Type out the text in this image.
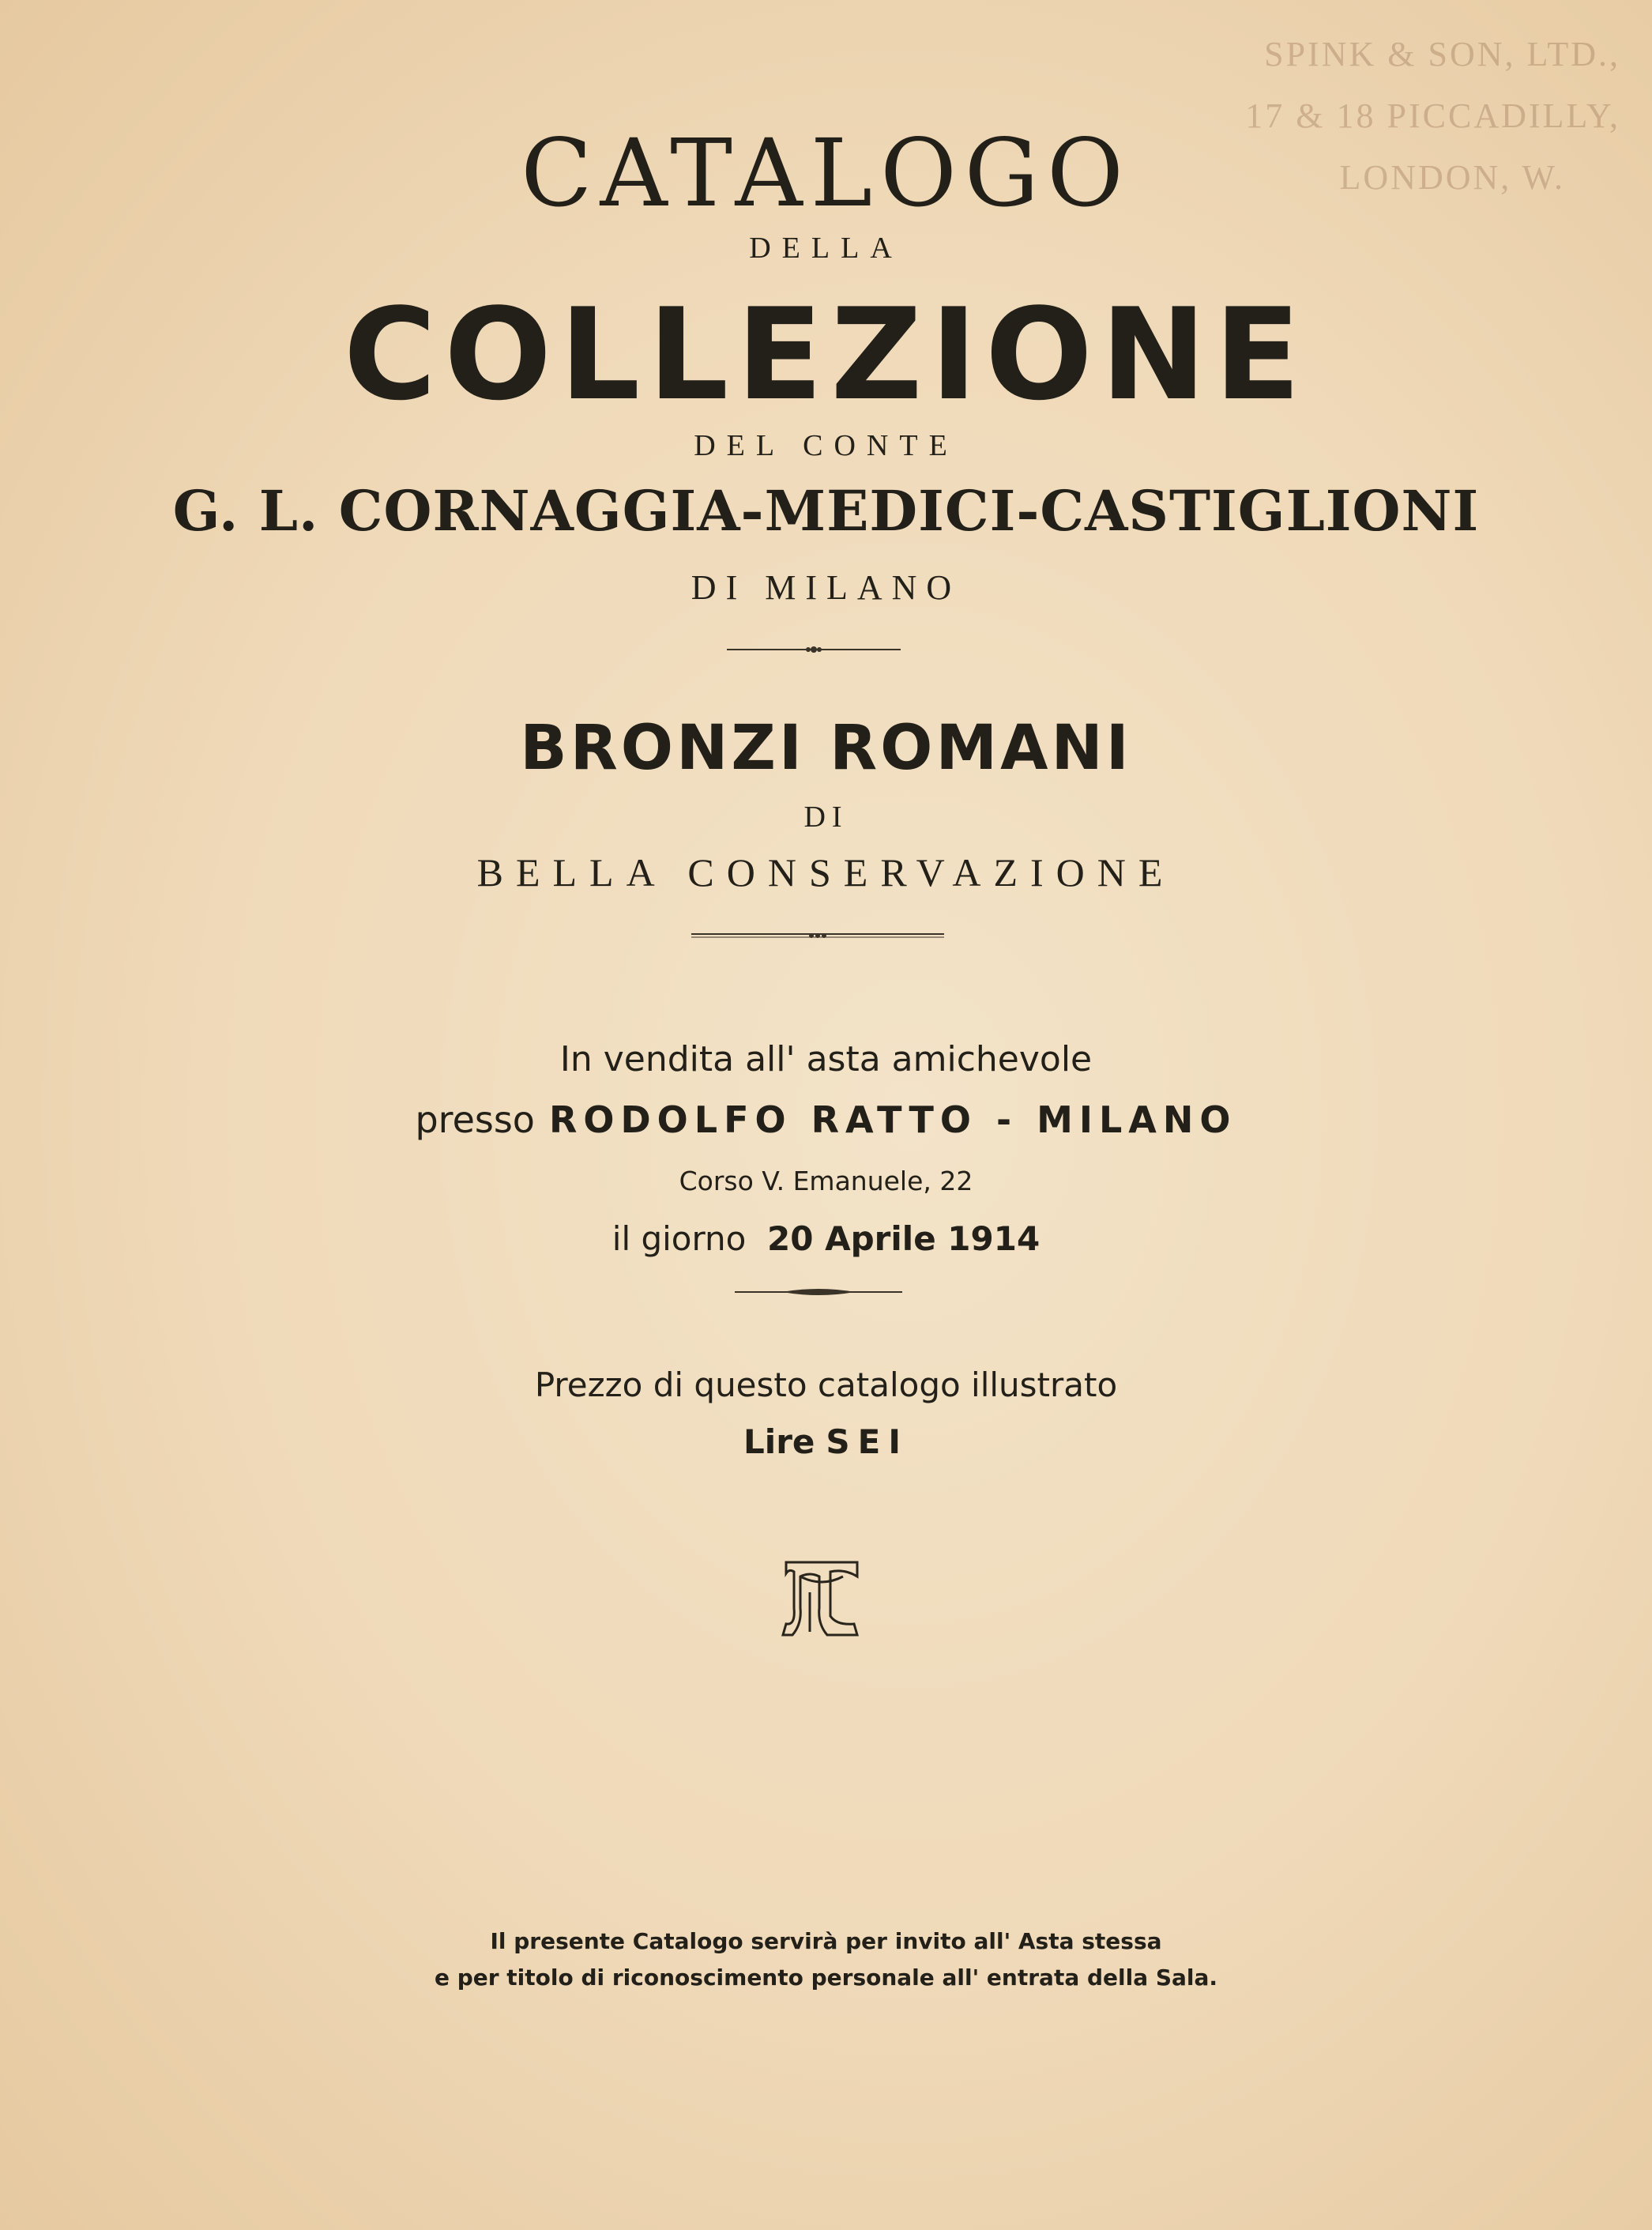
SPINK & SON, LTD.,
17 & 18 PICCADILLY,
LONDON, W.
CATALOGO
DELLA
COLLEZIONE
DEL CONTE
G. L. CORNAGGIA-MEDICI-CASTIGLIONI
DI MILANO
BRONZI ROMANI
DI
BELLA CONSERVAZIONE
In vendita all' asta amichevole
presso RODOLFO RATTO - MILANO
Corso V. Emanuele, 22
il giorno 20 Aprile 1914
Prezzo di questo catalogo illustrato
Lire SEI
Il presente Catalogo servirà per invito all' Asta stessa
e per titolo di riconoscimento personale all' entrata della Sala.
